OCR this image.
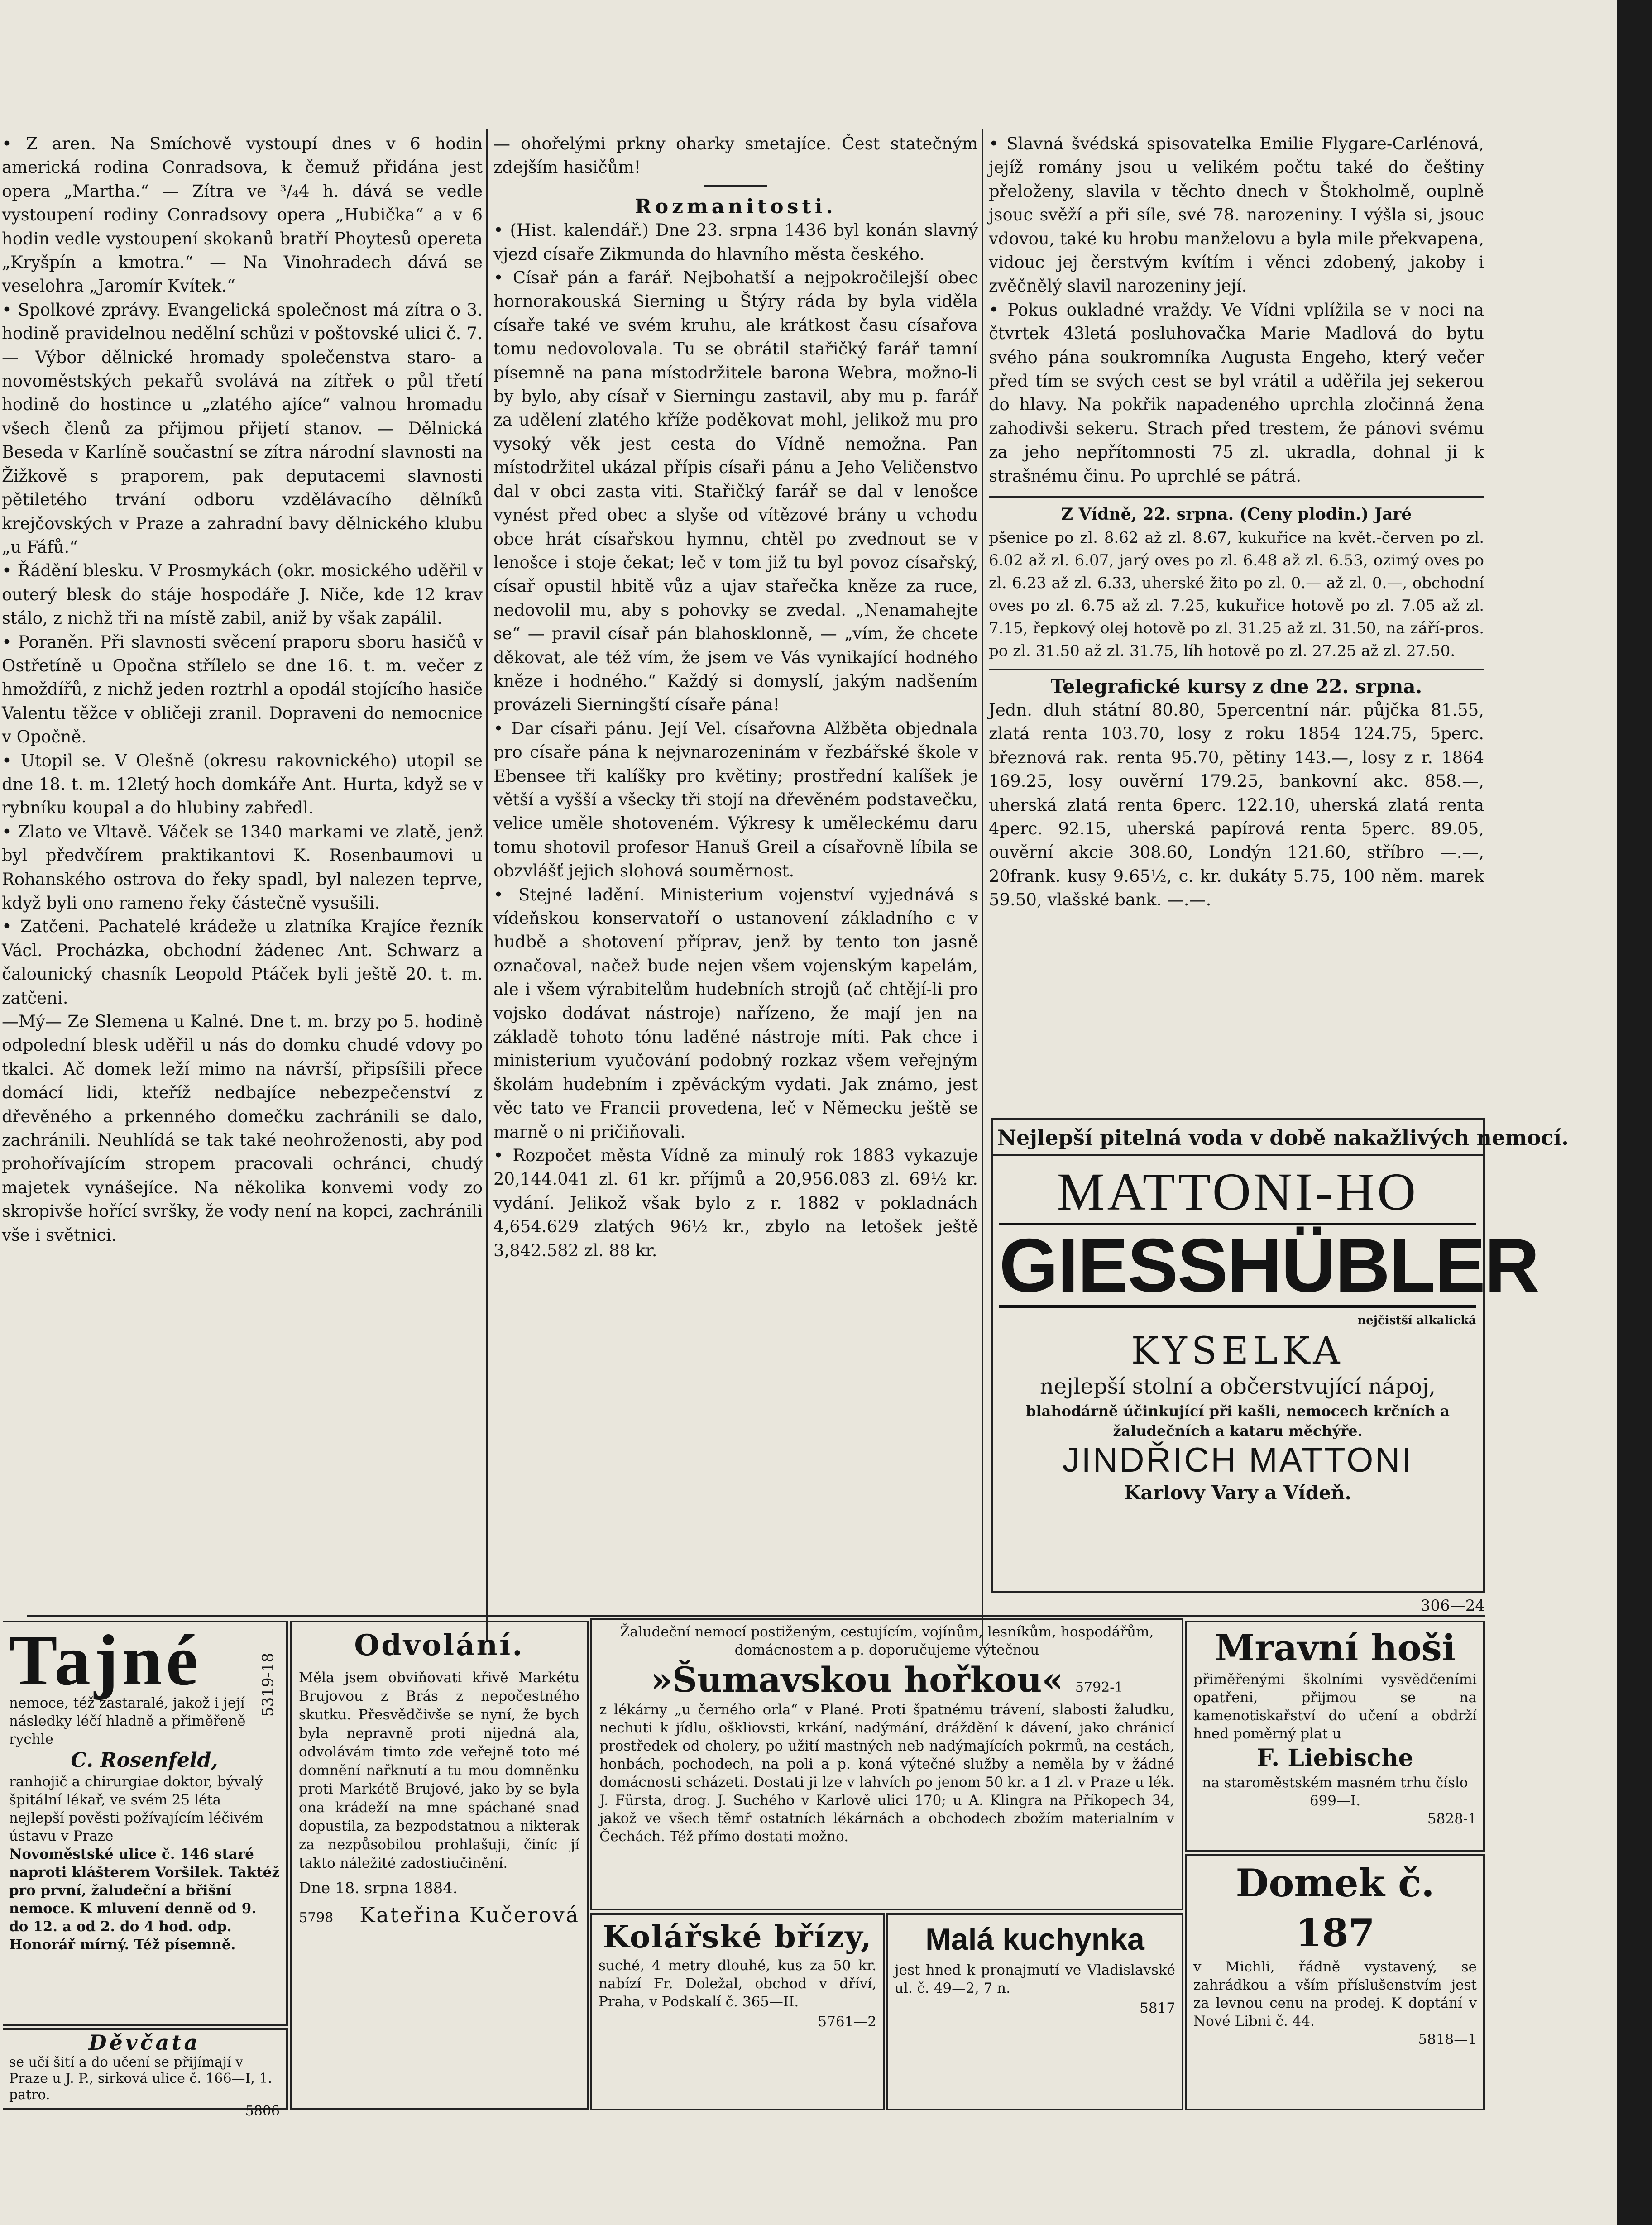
• Z aren. Na Smíchově vystoupí dnes v 6 hodin americká rodina Conradsova, k čemuž přidána jest opera „Martha.“ — Zítra ve ³/₄4 h. dává se vedle vystoupení rodiny Conradsovy opera „Hubička“ a v 6 hodin vedle vystoupení skokanů bratří Phoytesů opereta „Kryšpín a kmotra.“ — Na Vinohradech dává se veselohra „Jaromír Kvítek.“

• Spolkové zprávy. Evangelická společnost má zítra o 3. hodině pravidelnou nedělní schůzi v poštovské ulici č. 7. — Výbor dělnické hromady společenstva staro- a novoměstských pekařů svolává na zítřek o půl třetí hodině do hostince u „zlatého ajíce“ valnou hromadu všech členů za přijmou přijetí stanov. — Dělnická Beseda v Karlíně součastní se zítra národní slavnosti na Žižkově s praporem, pak deputacemi slavnosti pětiletého trvání odboru vzdělávacího dělníků krejčovských v Praze a zahradní bavy dělnického klubu „u Fáfů.“

• Řádění blesku. V Prosmykách (okr. mosického uděřil v outerý blesk do stáje hospodáře J. Niče, kde 12 krav stálo, z nichž tři na místě zabil, aniž by však zapálil.

• Poraněn. Při slavnosti svěcení praporu sboru hasičů v Ostřetíně u Opočna střílelo se dne 16. t. m. večer z hmoždířů, z nichž jeden roztrhl a opodál stojícího hasiče Valentu těžce v obličeji zranil. Dopraveni do nemocnice v Opočně.

• Utopil se. V Olešně (okresu rakovnického) utopil se dne 18. t. m. 12letý hoch domkáře Ant. Hurta, když se v rybníku koupal a do hlubiny zabředl.

• Zlato ve Vltavě. Váček se 1340 markami ve zlatě, jenž byl předvčírem praktikantovi K. Rosenbaumovi u Rohanského ostrova do řeky spadl, byl nalezen teprve, když byli ono rameno řeky částečně vysušili.

• Zatčeni. Pachatelé krádeže u zlatníka Krajíce řezník Václ. Procházka, obchodní žádenec Ant. Schwarz a čalounický chasník Leopold Ptáček byli ještě 20. t. m. zatčeni.

—Mý— Ze Slemena u Kalné. Dne t. m. brzy po 5. hodině odpolední blesk uděřil u nás do domku chudé vdovy po tkalci. Ač domek leží mimo na návrší, připsíšili přece domácí lidi, kteříž nedbajíce nebezpečenství z dřevěného a prkenného domečku zachránili se dalo, zachránili. Neuhlídá se tak také neohroženosti, aby pod prohořívajícím stropem pracovali ochránci, chudý majetek vynášejíce. Na několika konvemi vody zo skropivše hořící svršky, že vody není na kopci, zachránili vše i světnici.

— ohořelými prkny oharky smetajíce. Čest statečným zdejším hasičům!

Rozmanitosti.

• (Hist. kalendář.) Dne 23. srpna 1436 byl konán slavný vjezd císaře Zikmunda do hlavního města českého.

• Císař pán a farář. Nejbohatší a nejpokročilejší obec hornorakouská Sierning u Štýry ráda by byla viděla císaře také ve svém kruhu, ale krátkost času císařova tomu nedovolovala. Tu se obrátil stařičký farář tamní písemně na pana místodržitele barona Webra, možno-li by bylo, aby císař v Sierningu zastavil, aby mu p. farář za udělení zlatého kříže poděkovat mohl, jelikož mu pro vysoký věk jest cesta do Vídně nemožna. Pan místodržitel ukázal přípis císaři pánu a Jeho Veličenstvo dal v obci zasta viti. Stařičký farář se dal v lenošce vynést před obec a slyše od vítězové brány u vchodu obce hrát císařskou hymnu, chtěl po zvednout se v lenošce i stoje čekat; leč v tom již tu byl povoz císařský, císař opustil hbitě vůz a ujav stařečka kněze za ruce, nedovolil mu, aby s pohovky se zvedal. „Nenamahejte se“ — pravil císař pán blahosklonně, — „vím, že chcete děkovat, ale též vím, že jsem ve Vás vynikající hodného kněze i hodného.“ Každý si domyslí, jakým nadšením provázeli Sierningští císaře pána!

• Dar císaři pánu. Její Vel. císařovna Alžběta objednala pro císaře pána k nejvnarozeninám v řezbářské škole v Ebensee tři kalíšky pro květiny; prostřední kalíšek je větší a vyšší a všecky tři stojí na dřevěném podstavečku, velice uměle shotoveném. Výkresy k uměleckému daru tomu shotovil profesor Hanuš Greil a císařovně líbila se obzvlášť jejich slohová souměrnost.

• Stejné ladění. Ministerium vojenství vyjednává s vídeňskou konservatoří o ustanovení základního c v hudbě a shotovení příprav, jenž by tento ton jasně označoval, načež bude nejen všem vojenským kapelám, ale i všem výrabitelům hudebních strojů (ač chtějí-li pro vojsko dodávat nástroje) nařízeno, že mají jen na základě tohoto tónu laděné nástroje míti. Pak chce i ministerium vyučování podobný rozkaz všem veřejným školám hudebním i zpěváckým vydati. Jak známo, jest věc tato ve Francii provedena, leč v Německu ještě se marně o ni pričiňovali.

• Rozpočet města Vídně za minulý rok 1883 vykazuje 20,144.041 zl. 61 kr. příjmů a 20,956.083 zl. 69½ kr. vydání. Jelikož však bylo z r. 1882 v pokladnách 4,654.629 zlatých 96½ kr., zbylo na letošek ještě 3,842.582 zl. 88 kr.

• Slavná švédská spisovatelka Emilie Flygare-Carlénová, jejíž romány jsou u velikém počtu také do češtiny přeloženy, slavila v těchto dnech v Štokholmě, ouplně jsouc svěží a při síle, své 78. narozeniny. I výšla si, jsouc vdovou, také ku hrobu manželovu a byla mile překvapena, vidouc jej čerstvým kvítím i věnci zdobený, jakoby i zvěčnělý slavil narozeniny její.

• Pokus oukladné vraždy. Ve Vídni vplížila se v noci na čtvrtek 43letá posluhovačka Marie Madlová do bytu svého pána soukromníka Augusta Engeho, který večer před tím se svých cest se byl vrátil a uděřila jej sekerou do hlavy. Na pokřik napadeného uprchla zločinná žena zahodivši sekeru. Strach před trestem, že pánovi svému za jeho nepřítomnosti 75 zl. ukradla, dohnal ji k strašnému činu. Po uprchlé se pátrá.

Z Vídně, 22. srpna. (Ceny plodin.) Jaré

pšenice po zl. 8.62 až zl. 8.67, kukuřice na květ.-červen po zl. 6.02 až zl. 6.07, jarý oves po zl. 6.48 až zl. 6.53, ozimý oves po zl. 6.23 až zl. 6.33, uherské žito po zl. 0.— až zl. 0.—, obchodní oves po zl. 6.75 až zl. 7.25, kukuřice hotově po zl. 7.05 až zl. 7.15, řepkový olej hotově po zl. 31.25 až zl. 31.50, na září-pros. po zl. 31.50 až zl. 31.75, líh hotově po zl. 27.25 až zl. 27.50.

Telegrafické kursy z dne 22. srpna.

Jedn. dluh státní 80.80, 5percentní nár. půjčka 81.55, zlatá renta 103.70, losy z roku 1854 124.75, 5perc. březnová rak. renta 95.70, pětiny 143.—, losy z r. 1864 169.25, losy ouvěrní 179.25, bankovní akc. 858.—, uherská zlatá renta 6perc. 122.10, uherská zlatá renta 4perc. 92.15, uherská papírová renta 5perc. 89.05, ouvěrní akcie 308.60, Londýn 121.60, stříbro —.—, 20frank. kusy 9.65½, c. kr. dukáty 5.75, 100 něm. marek 59.50, vlašské bank. —.—.

Nejlepší pitelná voda v době nakažlivých nemocí.
MATTONI-HO
GIESSHÜBLER
nejčistší alkalická
KYSELKA
nejlepší stolní a občerstvující nápoj,
blahodárně účinkující při kašli, nemocech krčních a žaludečních a kataru měchýře.
JINDŘICH MATTONI
Karlovy Vary a Vídeň.
306—24
Tajné
nemoce, též zastaralé, jakož i její následky léčí hladně a přiměřeně rychle
C. Rosenfeld,
ranhojič a chirurgiae doktor, bývalý špitální lékař, ve svém 25 léta nejlepší pověsti požívajícím léčivém ústavu v Praze
Novoměstské ulice č. 146 staré naproti klášterem Voršilek. Taktéž pro první, žaludeční a břišní nemoce. K mluvení denně od 9. do 12. a od 2. do 4 hod. odp. Honorář mírný. Též písemně.
5319-18
Děvčata
se učí šití a do učení se přijímají v Praze u J. P., sirková ulice č. 166—I, 1. patro.
5806
Odvolání.
Měla jsem obviňovati křivě Markétu Brujovou z Brás z nepočestného skutku. Přesvědčivše se nyní, že bych byla nepravně proti nijedná ala, odvolávám timto zde veřejně toto mé domnění nařknutí a tu mou domněnku proti Markétě Brujové, jako by se byla ona krádeží na mne spáchané snad dopustila, za bezpodstatnou a nikterak za nezpůsobilou prohlašuji, činíc jí takto náležité zadostiučinění.
Dne 18. srpna 1884.
5798 Kateřina Kučerová
Žaludeční nemocí postiženým, cestujícím, vojínům, lesníkům, hospodářům, domácnostem a p. doporučujeme výtečnou
»Šumavskou hořkou« 5792-1
z lékárny „u černého orla“ v Plané. Proti špatnému trávení, slabosti žaludku, nechuti k jídlu, oškliovsti, krkání, nadýmání, dráždění k dávení, jako chránicí prostředek od cholery, po užití mastných neb nadýmajících pokrmů, na cestách, honbách, pochodech, na poli a p. koná výtečné služby a neměla by v žádné domácnosti scházeti. Dostati ji lze v lahvích po jenom 50 kr. a 1 zl. v Praze u lék. J. Fürsta, drog. J. Suchého v Karlově ulici 170; u A. Klingra na Příkopech 34, jakož ve všech těmř ostatních lékárnách a obchodech zbožím materialním v Čechách. Též přímo dostati možno.
Kolářské břízy,
suché, 4 metry dlouhé, kus za 50 kr. nabízí Fr. Doležal, obchod v dříví, Praha, v Podskalí č. 365—II.
5761—2
Malá kuchynka
jest hned k pronajmutí ve Vladislavské ul. č. 49—2, 7 n.
5817
Mravní hoši
přiměřenými školními vysvědčeními opatřeni, přijmou se na kamenotiskařství do učení a obdrží hned poměrný plat u
F. Liebische
na staroměstském masném trhu číslo 699—I.
5828-1
Domek č. 187
v Michli, řádně vystavený, se zahrádkou a vším příslušenstvím jest za levnou cenu na prodej. K doptání v Nové Libni č. 44.
5818—1
